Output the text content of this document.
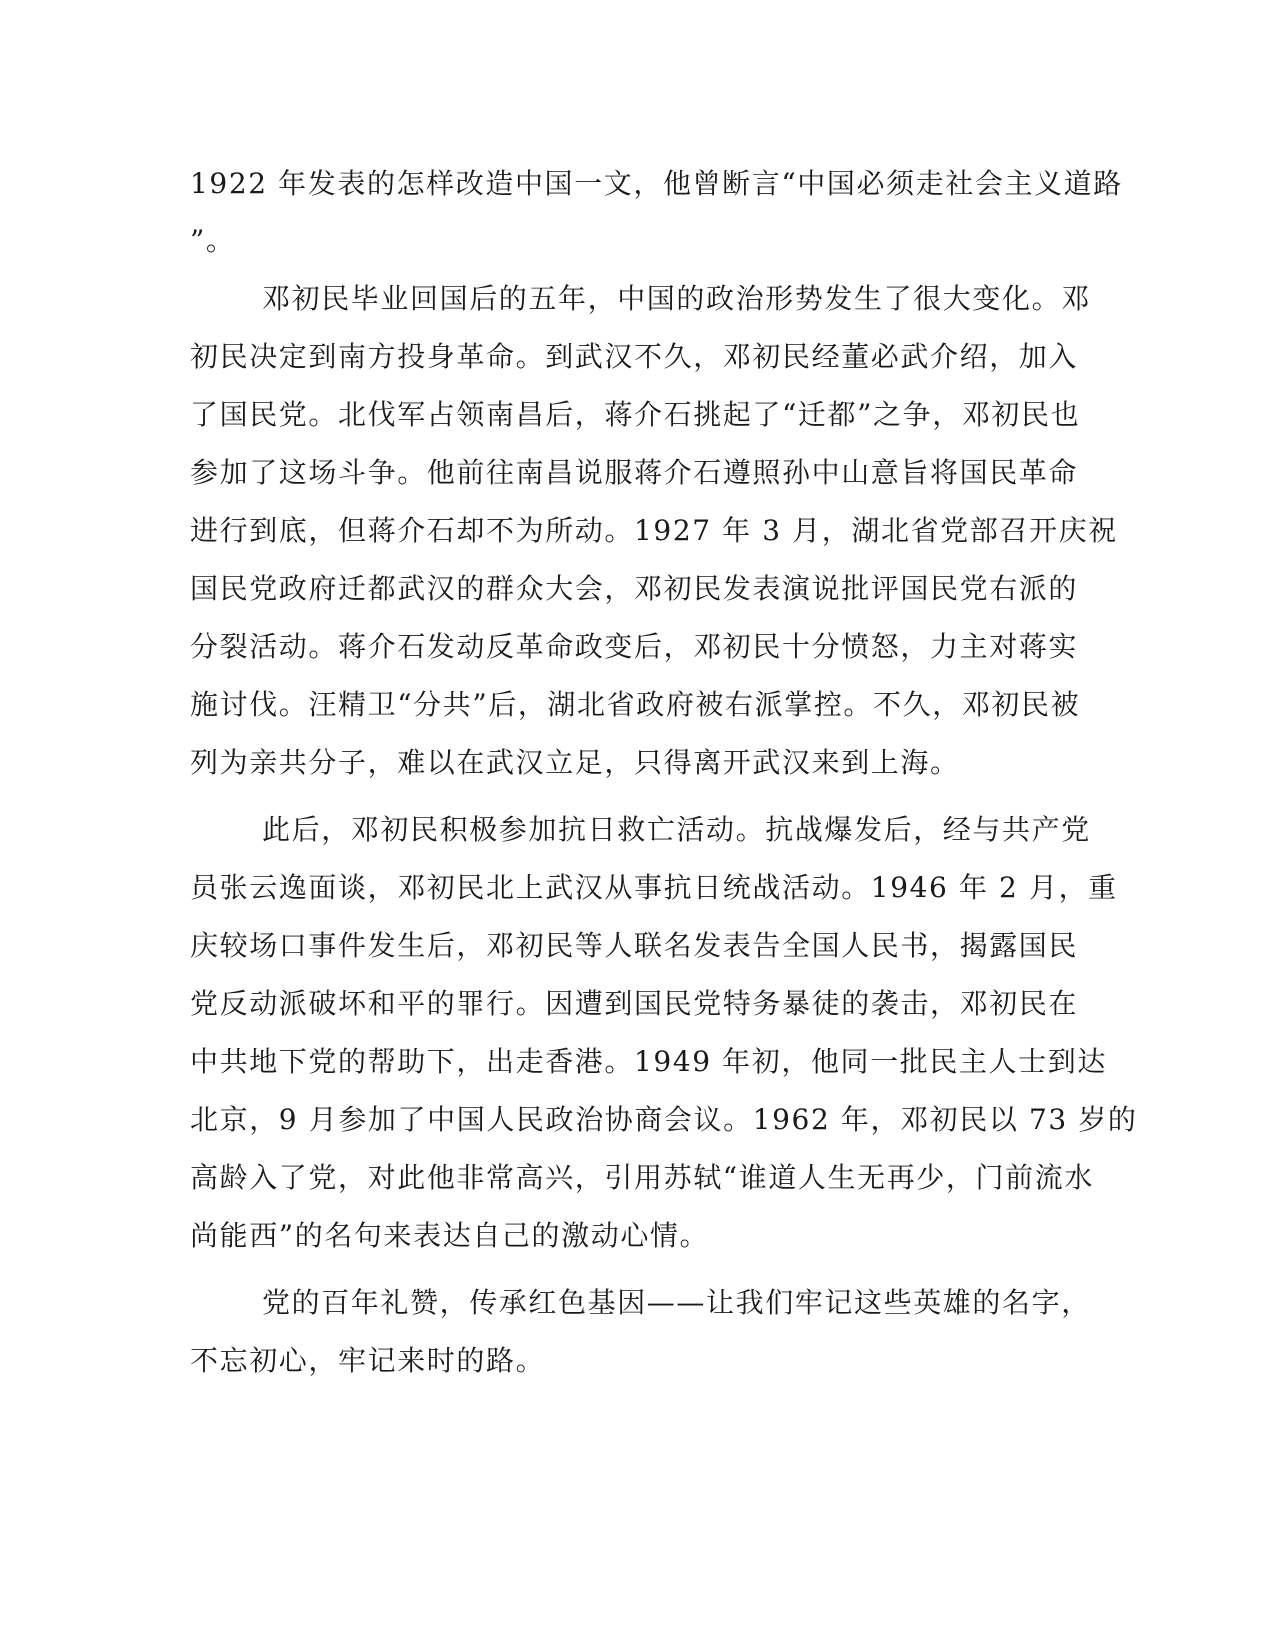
1922 年发表的怎样改造中国一文，他曾断言“中国必须走社会主义道路
”。
邓初民毕业回国后的五年，中国的政治形势发生了很大变化。邓
初民决定到南方投身革命。到武汉不久，邓初民经董必武介绍，加入
了国民党。北伐军占领南昌后，蒋介石挑起了“迁都”之争，邓初民也
参加了这场斗争。他前往南昌说服蒋介石遵照孙中山意旨将国民革命
进行到底，但蒋介石却不为所动。1927 年 3 月，湖北省党部召开庆祝
国民党政府迁都武汉的群众大会，邓初民发表演说批评国民党右派的
分裂活动。蒋介石发动反革命政变后，邓初民十分愤怒，力主对蒋实
施讨伐。汪精卫“分共”后，湖北省政府被右派掌控。不久，邓初民被
列为亲共分子，难以在武汉立足，只得离开武汉来到上海。
此后，邓初民积极参加抗日救亡活动。抗战爆发后，经与共产党
员张云逸面谈，邓初民北上武汉从事抗日统战活动。1946 年 2 月，重
庆较场口事件发生后，邓初民等人联名发表告全国人民书，揭露国民
党反动派破坏和平的罪行。因遭到国民党特务暴徒的袭击，邓初民在
中共地下党的帮助下，出走香港。1949 年初，他同一批民主人士到达
北京，9 月参加了中国人民政治协商会议。1962 年，邓初民以 73 岁的
高龄入了党，对此他非常高兴，引用苏轼“谁道人生无再少，门前流水
尚能西”的名句来表达自己的激动心情。
党的百年礼赞，传承红色基因——让我们牢记这些英雄的名字，
不忘初心，牢记来时的路。
